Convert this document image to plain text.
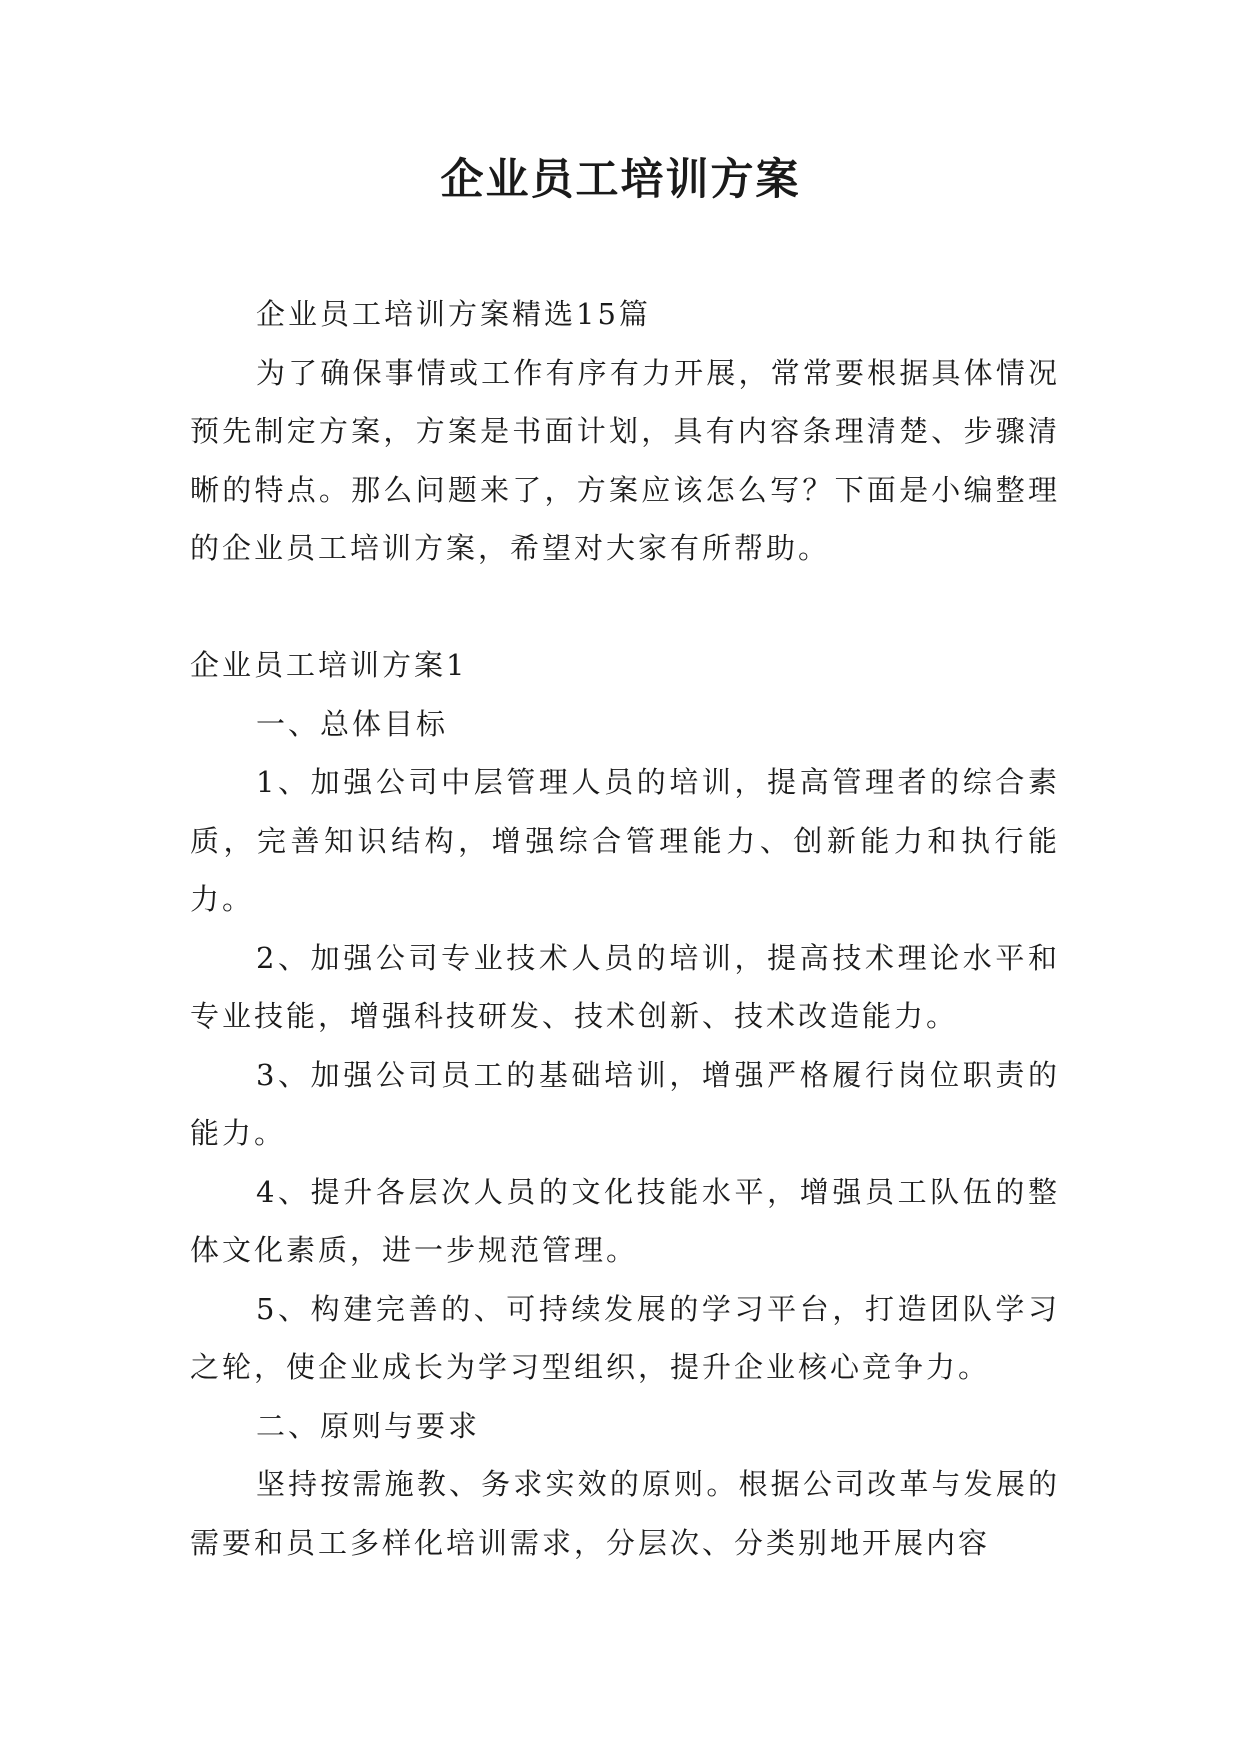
企业员工培训方案

企业员工培训方案精选15篇

为了确保事情或工作有序有力开展，常常要根据具体情况预先制定方案，方案是书面计划，具有内容条理清楚、步骤清晰的特点。那么问题来了，方案应该怎么写？下面是小编整理的企业员工培训方案，希望对大家有所帮助。

企业员工培训方案1

一、总体目标

1、加强公司中层管理人员的培训，提高管理者的综合素质，完善知识结构，增强综合管理能力、创新能力和执行能力。

2、加强公司专业技术人员的培训，提高技术理论水平和专业技能，增强科技研发、技术创新、技术改造能力。

3、加强公司员工的基础培训，增强严格履行岗位职责的能力。

4、提升各层次人员的文化技能水平，增强员工队伍的整体文化素质，进一步规范管理。

5、构建完善的、可持续发展的学习平台，打造团队学习之轮，使企业成长为学习型组织，提升企业核心竞争力。

二、原则与要求

坚持按需施教、务求实效的原则。根据公司改革与发展的需要和员工多样化培训需求，分层次、分类别地开展内容
